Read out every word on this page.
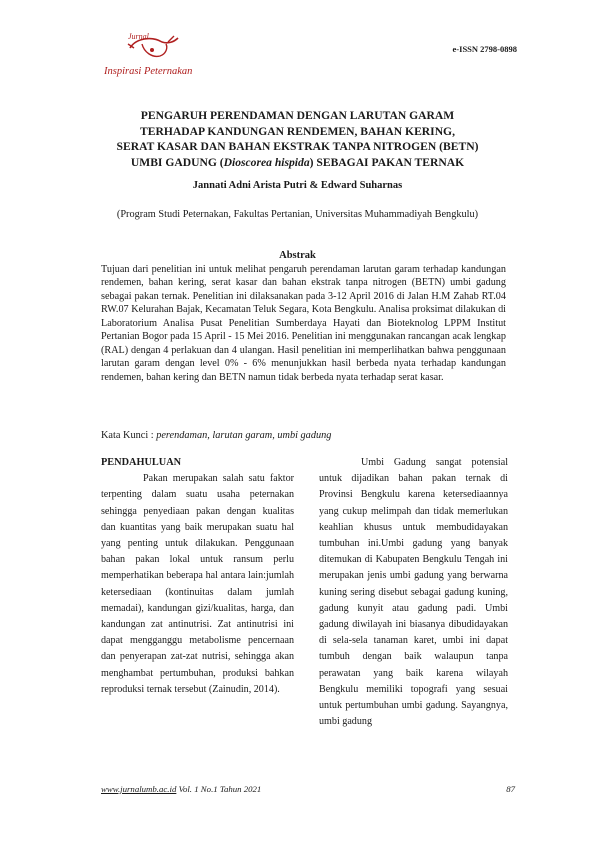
e-ISSN 2798-0898
Jurnal
Inspirasi Peternakan
PENGARUH PERENDAMAN DENGAN LARUTAN GARAM
TERHADAP KANDUNGAN RENDEMEN, BAHAN KERING,
SERAT KASAR DAN BAHAN EKSTRAK TANPA NITROGEN (BETN)
UMBI GADUNG (Dioscorea hispida) SEBAGAI PAKAN TERNAK
Jannati Adni Arista Putri & Edward Suharnas
(Program Studi Peternakan, Fakultas Pertanian, Universitas Muhammadiyah Bengkulu)
Abstrak
Tujuan dari penelitian ini untuk melihat pengaruh perendaman larutan garam terhadap kandungan rendemen, bahan kering, serat kasar dan bahan ekstrak tanpa nitrogen (BETN) umbi gadung sebagai pakan ternak. Penelitian ini dilaksanakan pada 3-12 April 2016 di Jalan H.M Zahab RT.04 RW.07 Kelurahan Bajak, Kecamatan Teluk Segara, Kota Bengkulu. Analisa proksimat dilakukan di Laboratorium Analisa Pusat Penelitian Sumberdaya Hayati dan Bioteknolog LPPM Institut Pertanian Bogor pada 15 April - 15 Mei 2016. Penelitian ini menggunakan rancangan acak lengkap (RAL) dengan 4 perlakuan dan 4 ulangan. Hasil penelitian ini memperlihatkan bahwa penggunaan larutan garam dengan level 0% - 6% menunjukkan hasil berbeda nyata terhadap kandungan rendemen, bahan kering dan BETN namun tidak berbeda nyata terhadap serat kasar.
Kata Kunci : perendaman, larutan garam, umbi gadung
PENDAHULUAN
Pakan merupakan salah satu faktor terpenting dalam suatu usaha peternakan sehingga penyediaan pakan dengan kualitas dan kuantitas yang baik merupakan suatu hal yang penting untuk dilakukan. Penggunaan bahan pakan lokal untuk ransum perlu memperhatikan beberapa hal antara lain:jumlah ketersediaan (kontinuitas dalam jumlah memadai), kandungan gizi/kualitas, harga, dan kandungan zat antinutrisi. Zat antinutrisi ini dapat mengganggu metabolisme pencernaan dan penyerapan zat-zat nutrisi, sehingga akan menghambat pertumbuhan, produksi bahkan reproduksi ternak tersebut (Zainudin, 2014).
Umbi Gadung sangat potensial untuk dijadikan bahan pakan ternak di Provinsi Bengkulu karena ketersediaannya yang cukup melimpah dan tidak memerlukan keahlian khusus untuk membudidayakan tumbuhan ini.Umbi gadung yang banyak ditemukan di Kabupaten Bengkulu Tengah ini merupakan jenis umbi gadung yang berwarna kuning sering disebut sebagai gadung kuning, gadung kunyit atau gadung padi. Umbi gadung diwilayah ini biasanya dibudidayakan di sela-sela tanaman karet, umbi ini dapat tumbuh dengan baik walaupun tanpa perawatan yang baik karena wilayah Bengkulu memiliki topografi yang sesuai untuk pertumbuhan umbi gadung. Sayangnya, umbi gadung
www.jurnalumb.ac.id Vol. 1 No.1 Tahun 2021	87
